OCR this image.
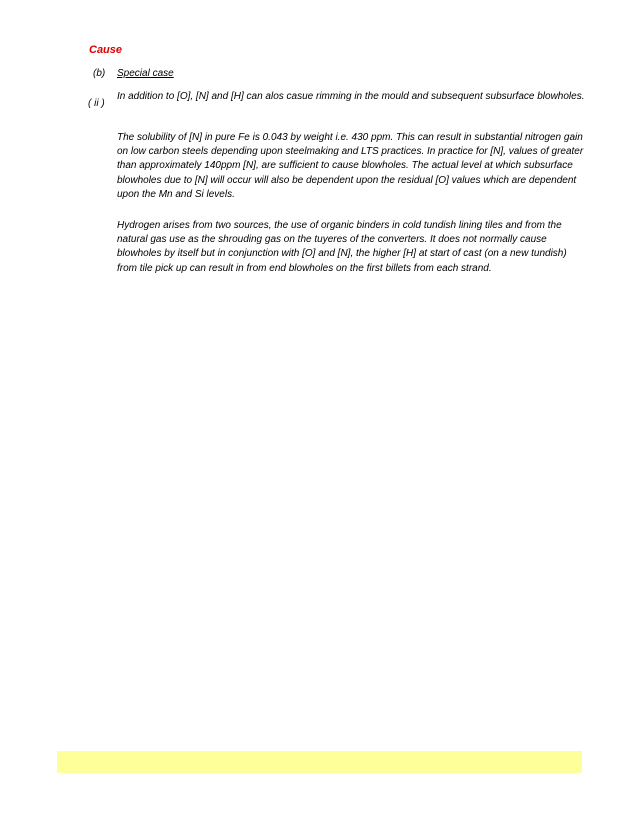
Cause
(b) Special case
( ii )

In addition to [O], [N] and [H] can alos casue rimming in the mould and subsequent subsurface blowholes.

The solubility of [N] in pure Fe is 0.043 by weight i.e. 430 ppm. This can result in substantial nitrogen gain on low carbon steels depending upon steelmaking and LTS practices. In practice for [N], values of greater than approximately 140ppm [N], are sufficient to cause blowholes. The actual level at which subsurface blowholes due to [N] will occur will also be dependent upon the residual [O] values which are dependent upon the Mn and Si levels.

Hydrogen arises from two sources, the use of organic binders in cold tundish lining tiles and from the natural gas use as the shrouding gas on the tuyeres of the converters. It does not normally cause blowholes by itself but in conjunction with [O] and [N], the higher [H] at start of cast (on a new tundish) from tile pick up can result in from end blowholes on the first billets from each strand.
